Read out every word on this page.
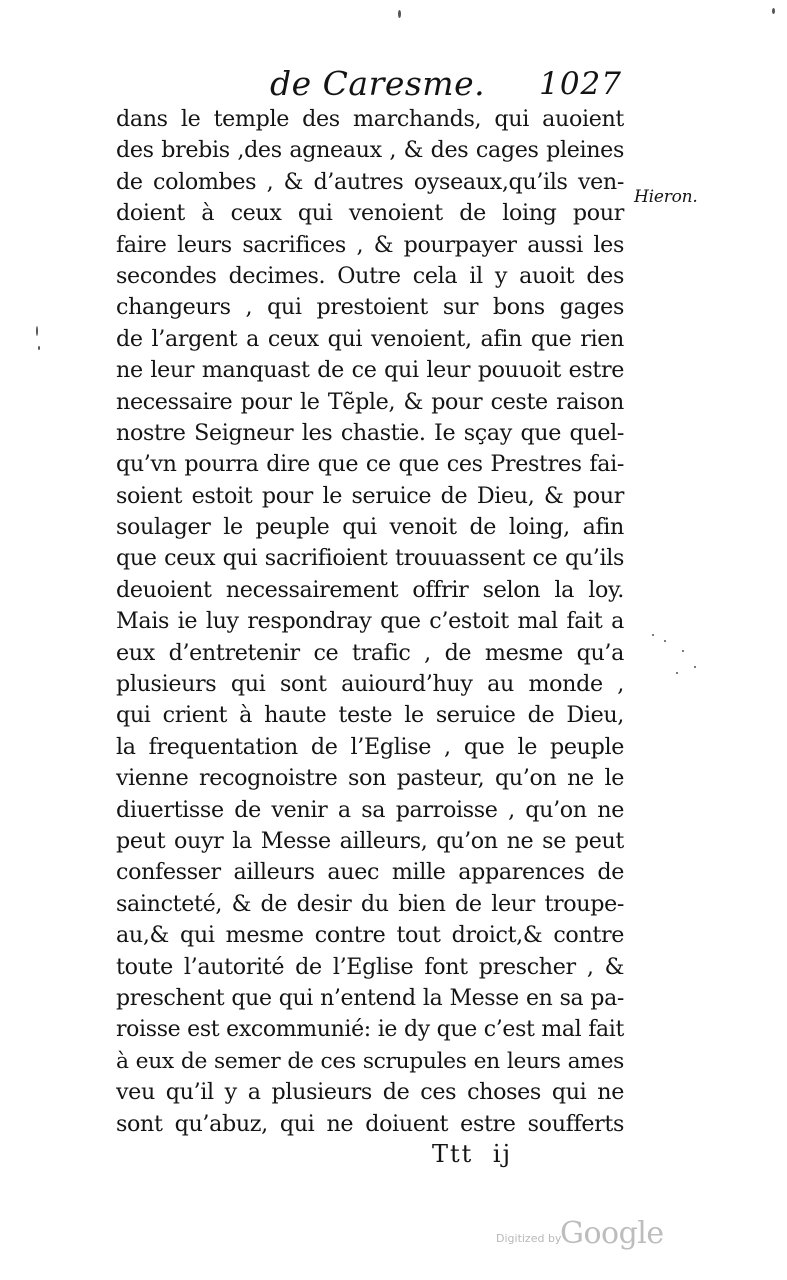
de Caresme. 1027
Hieron.
dans le temple des marchands, qui auoient
des brebis ,des agneaux , & des cages pleines
de colombes , & d’autres oyseaux,qu’ils ven-
doient à ceux qui venoient de loing pour
faire leurs sacrifices , & pourpayer aussi les
secondes decimes. Outre cela il y auoit des
changeurs , qui prestoient sur bons gages
de l’argent a ceux qui venoient, afin que rien
ne leur manquast de ce qui leur pouuoit estre
necessaire pour le Tẽple, & pour ceste raison
nostre Seigneur les chastie. Ie sçay que quel-
qu’vn pourra dire que ce que ces Prestres fai-
soient estoit pour le seruice de Dieu, & pour
soulager le peuple qui venoit de loing, afin
que ceux qui sacrifioient trouuassent ce qu’ils
deuoient necessairement offrir selon la loy.
Mais ie luy respondray que c’estoit mal fait a
eux d’entretenir ce trafic , de mesme qu’a
plusieurs qui sont auiourd’huy au monde ,
qui crient à haute teste le seruice de Dieu,
la frequentation de l’Eglise , que le peuple
vienne recognoistre son pasteur, qu’on ne le
diuertisse de venir a sa parroisse , qu’on ne
peut ouyr la Messe ailleurs, qu’on ne se peut
confesser ailleurs auec mille apparences de
saincteté, & de desir du bien de leur troupe-
au,& qui mesme contre tout droict,& contre
toute l’autorité de l’Eglise font prescher , &
preschent que qui n’entend la Messe en sa pa-
roisse est excommunié: ie dy que c’est mal fait
à eux de semer de ces scrupules en leurs ames
veu qu’il y a plusieurs de ces choses qui ne
sont qu’abuz, qui ne doiuent estre soufferts
Ttt ij
Digitized by
Google
